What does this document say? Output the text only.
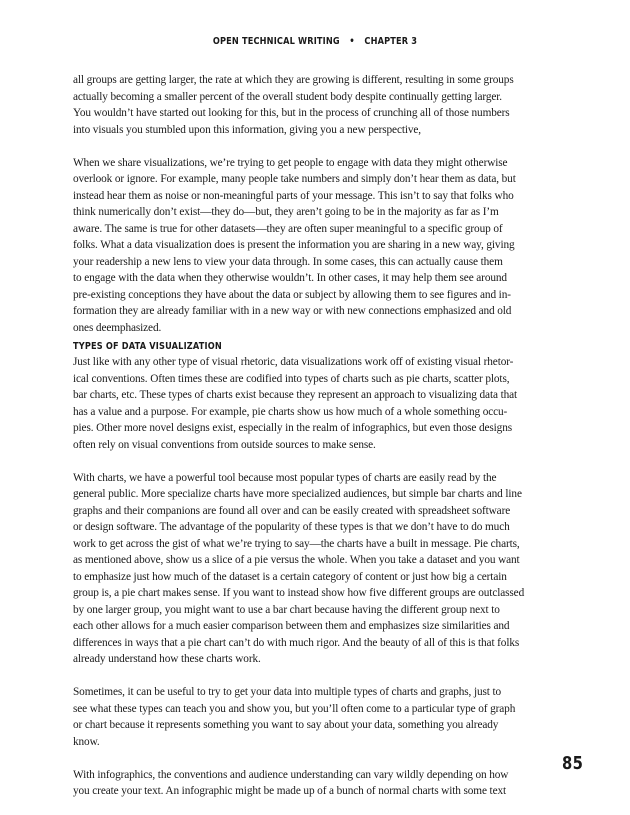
OPEN TECHNICAL WRITING • CHAPTER 3

all groups are getting larger, the rate at which they are growing is different, resulting in some groups
actually becoming a smaller percent of the overall student body despite continually getting larger.
You wouldn’t have started out looking for this, but in the process of crunching all of those numbers
into visuals you stumbled upon this information, giving you a new perspective,

When we share visualizations, we’re trying to get people to engage with data they might otherwise
overlook or ignore. For example, many people take numbers and simply don’t hear them as data, but
instead hear them as noise or non-meaningful parts of your message. This isn’t to say that folks who
think numerically don’t exist—they do—but, they aren’t going to be in the majority as far as I’m
aware. The same is true for other datasets—they are often super meaningful to a specific group of
folks. What a data visualization does is present the information you are sharing in a new way, giving
your readership a new lens to view your data through. In some cases, this can actually cause them
to engage with the data when they otherwise wouldn’t. In other cases, it may help them see around
pre-existing conceptions they have about the data or subject by allowing them to see figures and in-
formation they are already familiar with in a new way or with new connections emphasized and old
ones deemphasized.

TYPES OF DATA VISUALIZATION

Just like with any other type of visual rhetoric, data visualizations work off of existing visual rhetor-
ical conventions. Often times these are codified into types of charts such as pie charts, scatter plots,
bar charts, etc. These types of charts exist because they represent an approach to visualizing data that
has a value and a purpose. For example, pie charts show us how much of a whole something occu-
pies. Other more novel designs exist, especially in the realm of infographics, but even those designs
often rely on visual conventions from outside sources to make sense.

With charts, we have a powerful tool because most popular types of charts are easily read by the
general public. More specialize charts have more specialized audiences, but simple bar charts and line
graphs and their companions are found all over and can be easily created with spreadsheet software
or design software. The advantage of the popularity of these types is that we don’t have to do much
work to get across the gist of what we’re trying to say—the charts have a built in message. Pie charts,
as mentioned above, show us a slice of a pie versus the whole. When you take a dataset and you want
to emphasize just how much of the dataset is a certain category of content or just how big a certain
group is, a pie chart makes sense. If you want to instead show how five different groups are outclassed
by one larger group, you might want to use a bar chart because having the different group next to
each other allows for a much easier comparison between them and emphasizes size similarities and
differences in ways that a pie chart can’t do with much rigor. And the beauty of all of this is that folks
already understand how these charts work.

Sometimes, it can be useful to try to get your data into multiple types of charts and graphs, just to
see what these types can teach you and show you, but you’ll often come to a particular type of graph
or chart because it represents something you want to say about your data, something you already
know.

With infographics, the conventions and audience understanding can vary wildly depending on how
you create your text. An infographic might be made up of a bunch of normal charts with some text

85
